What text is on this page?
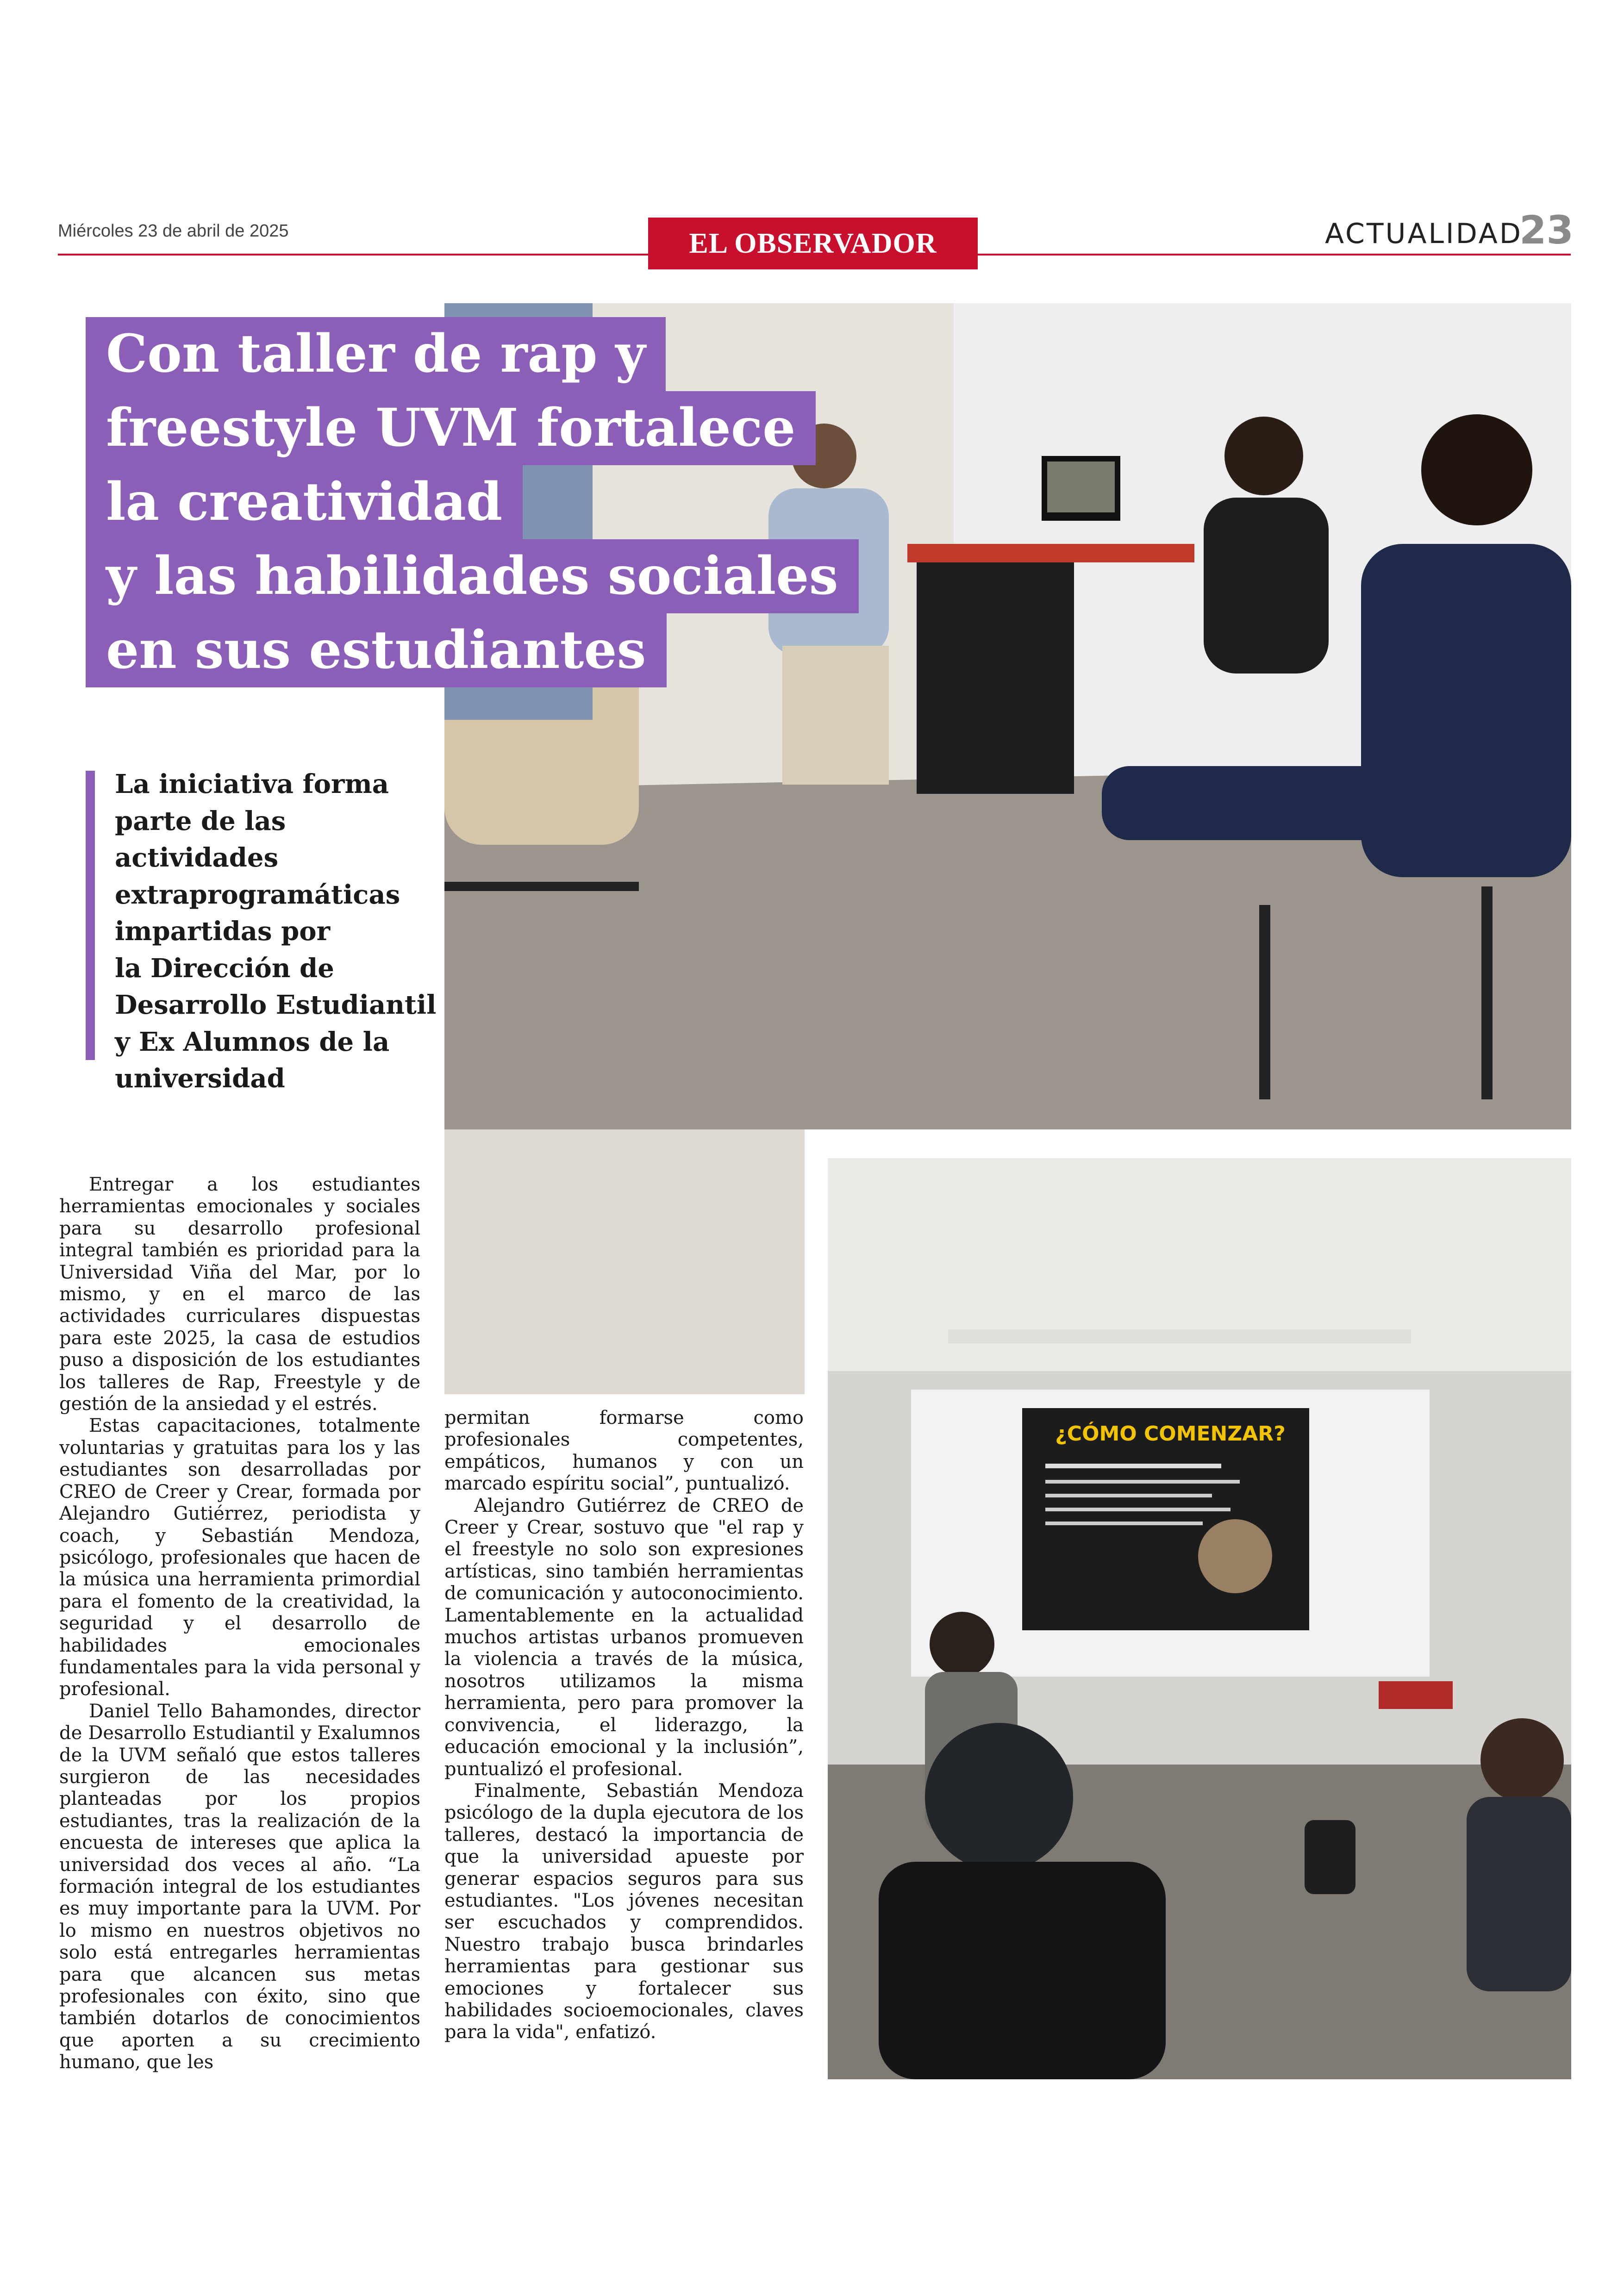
Miércoles 23 de abril de 2025	EL OBSERVADOR	ACTUALIDAD
23
¿CÓMO COMENZAR?
Con taller de rap y
freestyle UVM fortalece
la creatividad
y las habilidades sociales
en sus estudiantes
La iniciativa forma
parte de las actividades
extraprogramáticas
impartidas por
la Dirección de
Desarrollo Estudiantil
y Ex Alumnos de la
universidad

Entregar a los estudiantes herramientas emocionales y sociales para su desarrollo profesional integral también es prioridad para la Universidad Viña del Mar, por lo mismo, y en el marco de las actividades curriculares dispuestas para este 2025, la casa de estudios puso a disposición de los estudiantes los talleres de Rap, Freestyle y de gestión de la ansiedad y el estrés.

Estas capacitaciones, totalmente voluntarias y gratuitas para los y las estudiantes son desarrolladas por CREO de Creer y Crear, formada por Alejandro Gutiérrez, periodista y coach, y Sebastián Mendoza, psicólogo, profesionales que hacen de la música una herramienta primordial para el fomento de la creatividad, la seguridad y el desarrollo de habilidades emocionales fundamentales para la vida personal y profesional.

Daniel Tello Bahamondes, director de Desarrollo Estudiantil y Exalumnos de la UVM señaló que estos talleres surgieron de las necesidades planteadas por los propios estudiantes, tras la realización de la encuesta de intereses que aplica la universidad dos veces al año. “La formación integral de los estudiantes es muy importante para la UVM. Por lo mismo en nuestros objetivos no solo está entregarles herramientas para que alcancen sus metas profesionales con éxito, sino que también dotarlos de conocimientos que aporten a su crecimiento humano, que les

permitan formarse como profesionales competentes, empáticos, humanos y con un marcado espíritu social”, puntualizó.

Alejandro Gutiérrez de CREO de Creer y Crear, sostuvo que "el rap y el freestyle no solo son expresiones artísticas, sino también herramientas de comunicación y autoconocimiento. Lamentablemente en la actualidad muchos artistas urbanos promueven la violencia a través de la música, nosotros utilizamos la misma herramienta, pero para promover la convivencia, el liderazgo, la educación emocional y la inclusión”, puntualizó el profesional.

Finalmente, Sebastián Mendoza psicólogo de la dupla ejecutora de los talleres, destacó la importancia de que la universidad apueste por generar espacios seguros para sus estudiantes. "Los jóvenes necesitan ser escuchados y comprendidos. Nuestro trabajo busca brindarles herramientas para gestionar sus emociones y fortalecer sus habilidades socioemocionales, claves para la vida", enfatizó.
